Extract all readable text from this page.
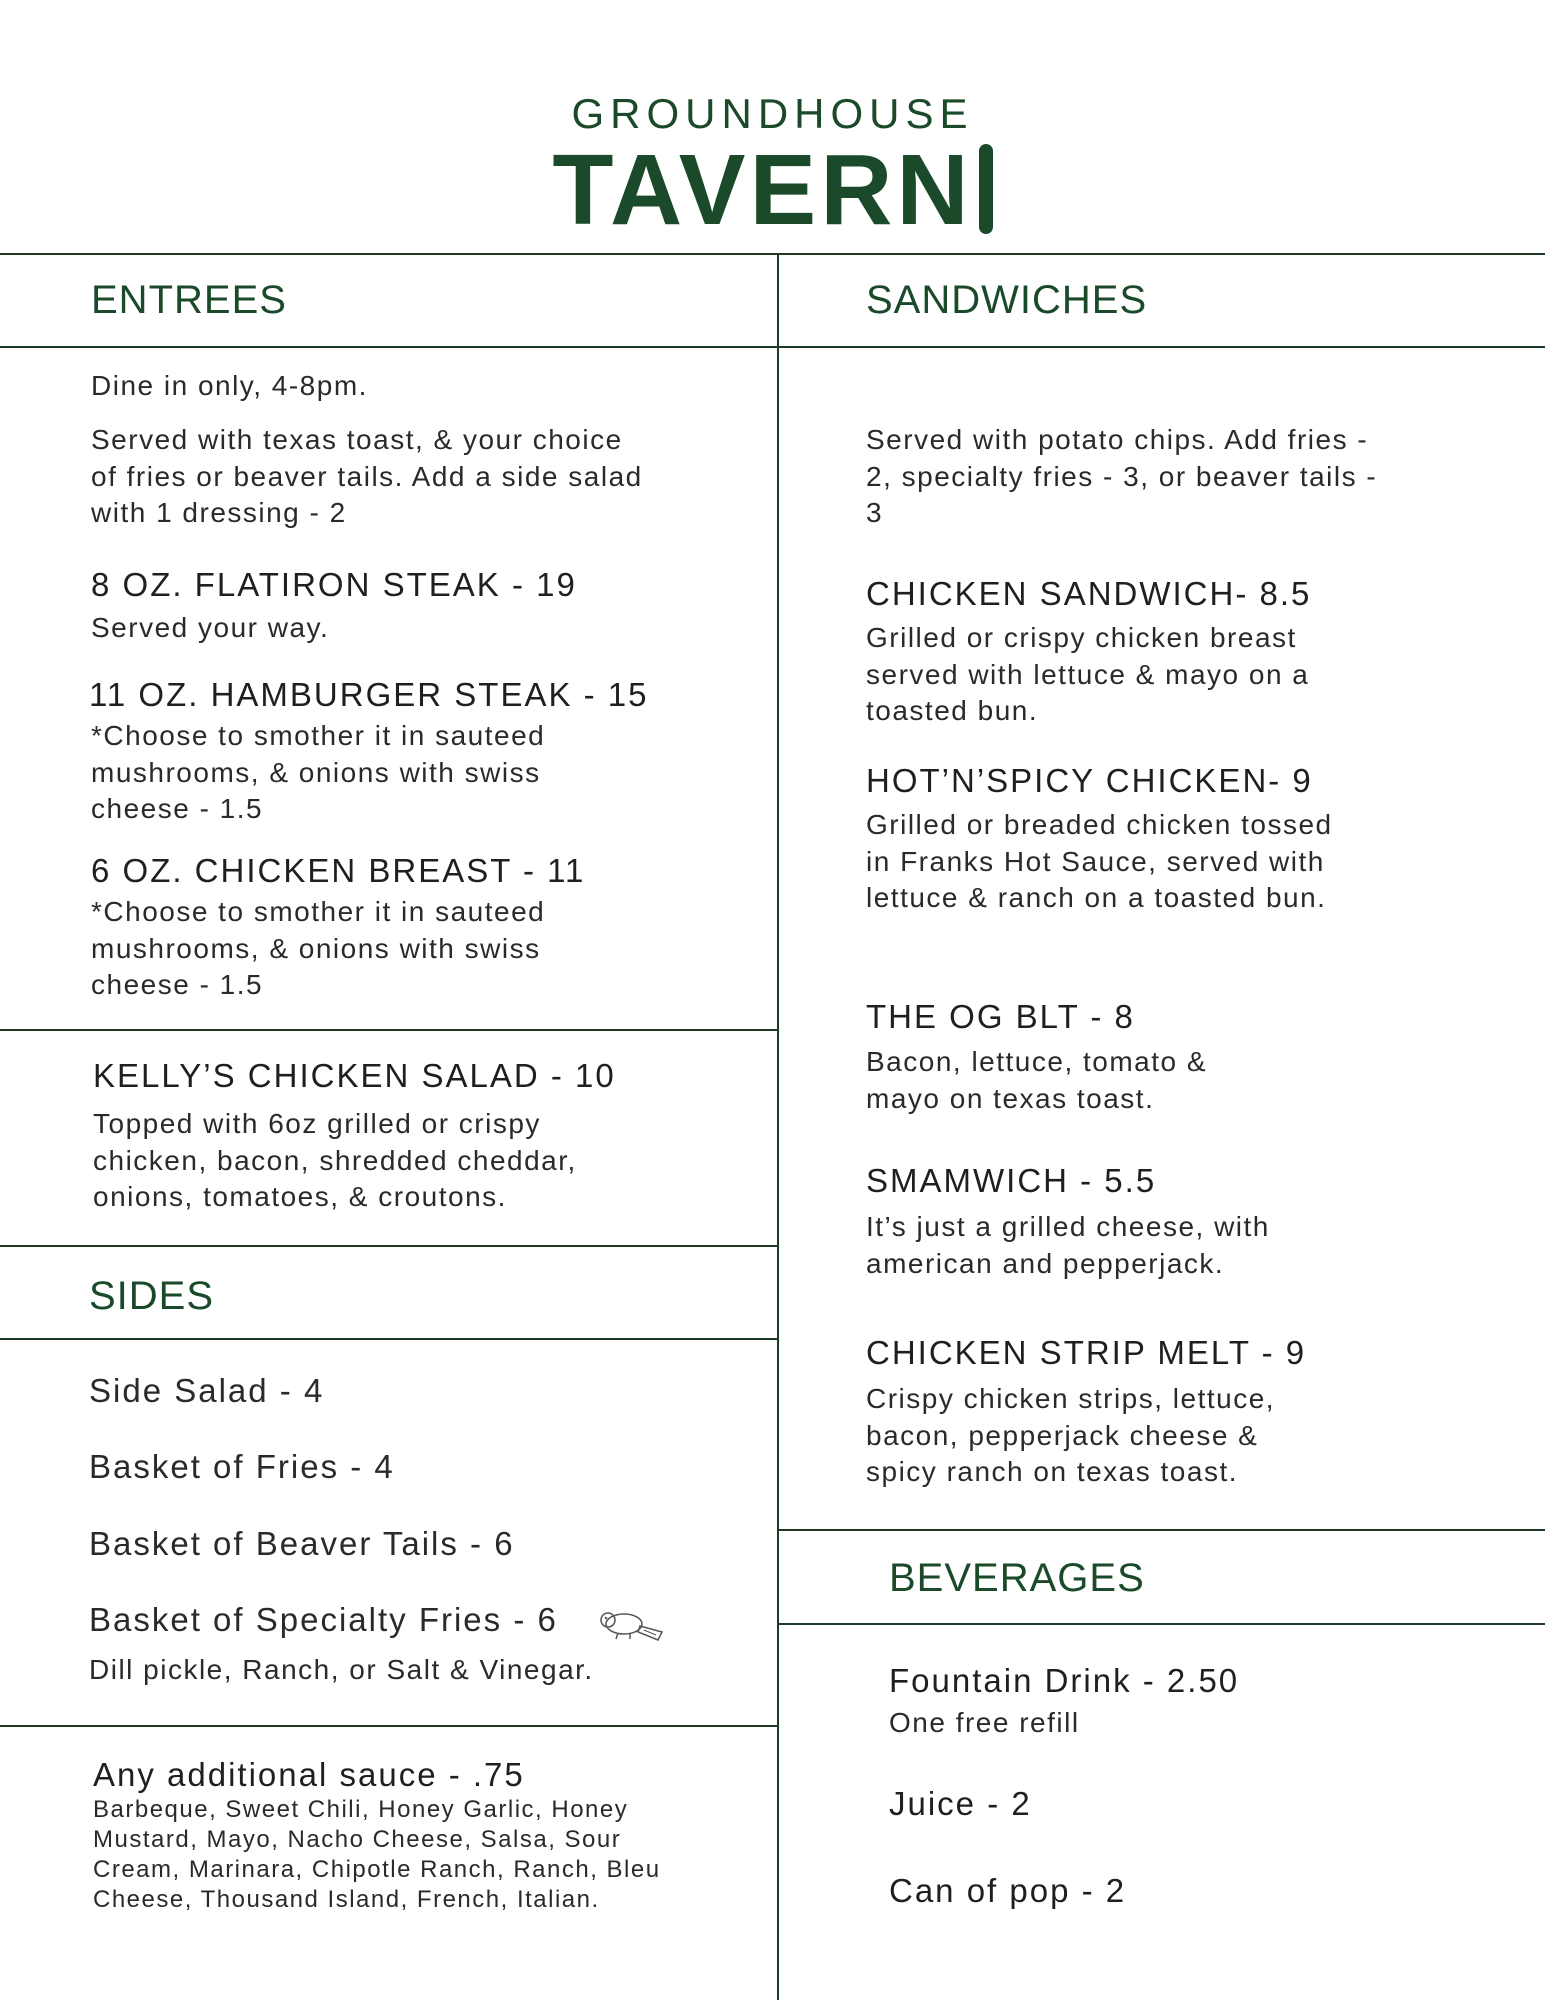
GROUNDHOUSE
TAVERN
ENTREES
Dine in only, 4-8pm.
Served with texas toast, & your choice of fries or beaver tails. Add a side salad with 1 dressing - 2
8 OZ. FLATIRON STEAK - 19
Served your way.
11 OZ. HAMBURGER STEAK - 15
*Choose to smother it in sauteed mushrooms, & onions with swiss cheese - 1.5
6 OZ. CHICKEN BREAST - 11
*Choose to smother it in sauteed mushrooms, & onions with swiss cheese - 1.5
KELLY’S CHICKEN SALAD - 10
Topped with 6oz grilled or crispy chicken, bacon, shredded cheddar, onions, tomatoes, & croutons.
SIDES
Side Salad - 4
Basket of Fries - 4
Basket of Beaver Tails - 6
Basket of Specialty Fries - 6
Dill pickle, Ranch, or Salt & Vinegar.
Any additional sauce - .75
Barbeque, Sweet Chili, Honey Garlic, Honey Mustard, Mayo, Nacho Cheese, Salsa, Sour Cream, Marinara, Chipotle Ranch, Ranch, Bleu Cheese, Thousand Island, French, Italian.
SANDWICHES
Served with potato chips. Add fries - 2, specialty fries - 3, or beaver tails - 3
CHICKEN SANDWICH- 8.5
Grilled or crispy chicken breast served with lettuce & mayo on a toasted bun.
HOT’N’SPICY CHICKEN- 9
Grilled or breaded chicken tossed in Franks Hot Sauce, served with lettuce & ranch on a toasted bun.
THE OG BLT - 8
Bacon, lettuce, tomato & mayo on texas toast.
SMAMWICH - 5.5
It’s just a grilled cheese, with american and pepperjack.
CHICKEN STRIP MELT - 9
Crispy chicken strips, lettuce, bacon, pepperjack cheese & spicy ranch on texas toast.
BEVERAGES
Fountain Drink - 2.50
One free refill
Juice - 2
Can of pop - 2
